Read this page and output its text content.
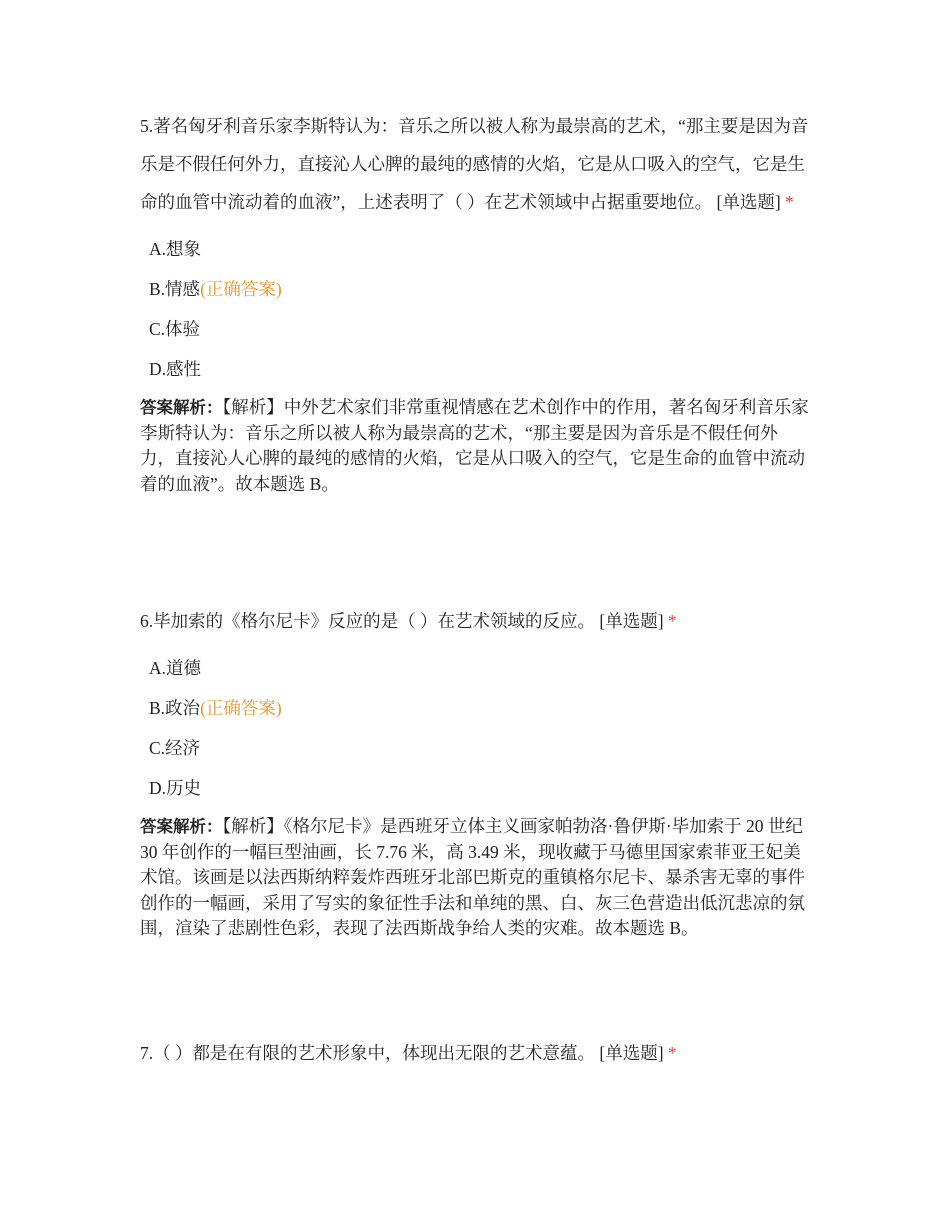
5.著名匈牙利音乐家李斯特认为：音乐之所以被人称为最崇高的艺术，“那主要是因为音乐是不假任何外力，直接沁人心脾的最纯的感情的火焰，它是从口吸入的空气，它是生命的血管中流动着的血液”，上述表明了（ ）在艺术领域中占据重要地位。 [单选题] *

A.想象
B.情感(正确答案)
C.体验
D.感性
答案解析：【解析】中外艺术家们非常重视情感在艺术创作中的作用，著名匈牙利音乐家李斯特认为：音乐之所以被人称为最崇高的艺术，“那主要是因为音乐是不假任何外力，直接沁人心脾的最纯的感情的火焰，它是从口吸入的空气，它是生命的血管中流动着的血液”。故本题选 B。

6.毕加索的《格尔尼卡》反应的是（ ）在艺术领域的反应。 [单选题] *

A.道德
B.政治(正确答案)
C.经济
D.历史
答案解析：【解析】《格尔尼卡》是西班牙立体主义画家帕勃洛·鲁伊斯·毕加索于 20 世纪 30 年创作的一幅巨型油画，长 7.76 米，高 3.49 米，现收藏于马德里国家索菲亚王妃美术馆。该画是以法西斯纳粹轰炸西班牙北部巴斯克的重镇格尔尼卡、暴杀害无辜的事件创作的一幅画，采用了写实的象征性手法和单纯的黑、白、灰三色营造出低沉悲凉的氛围，渲染了悲剧性色彩，表现了法西斯战争给人类的灾难。故本题选 B。

7.（ ）都是在有限的艺术形象中，体现出无限的艺术意蕴。 [单选题] *
